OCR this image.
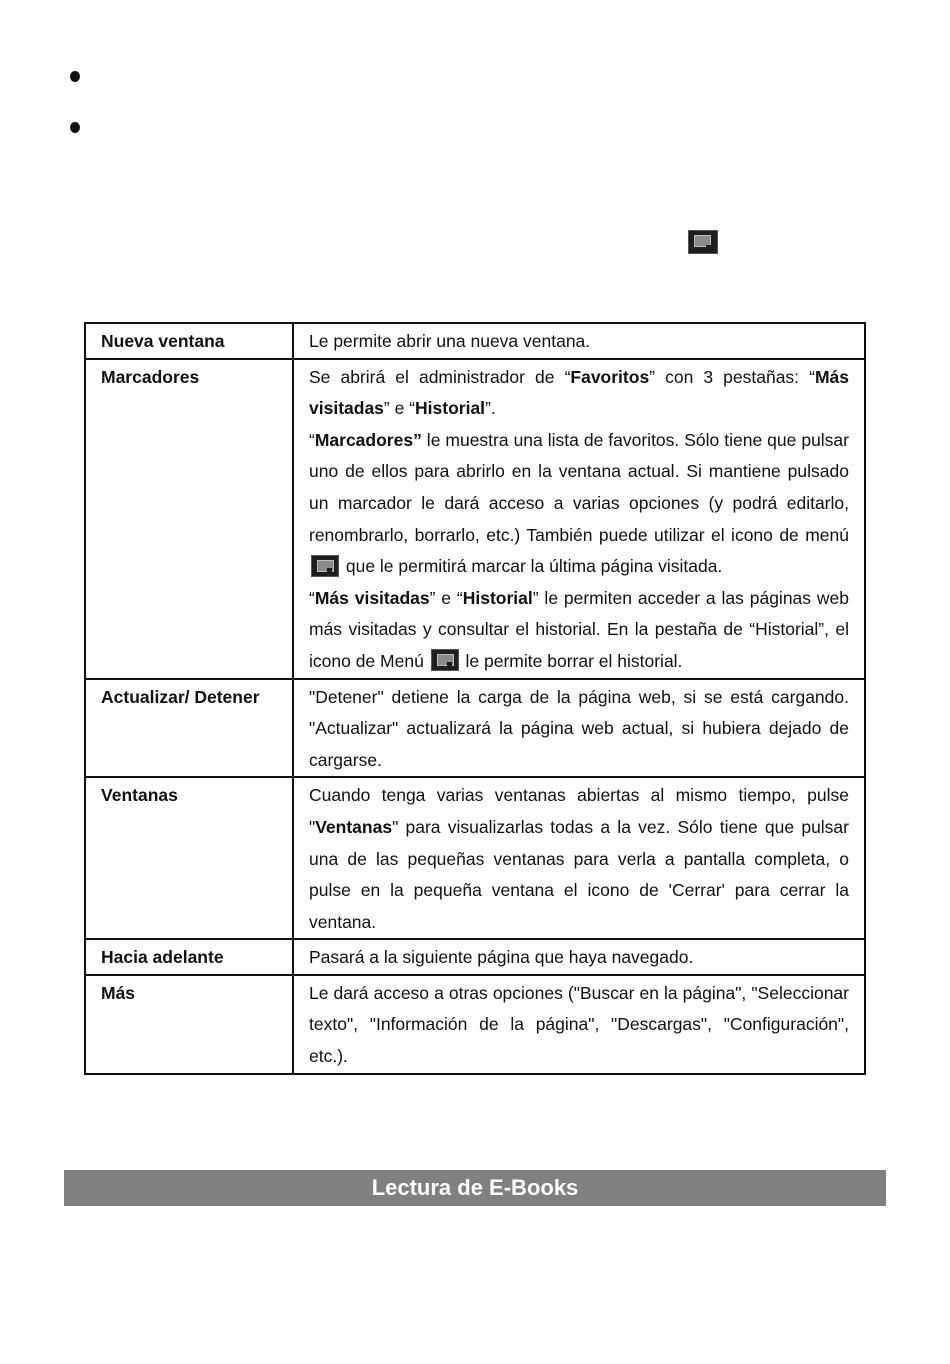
Nueva ventana	Le permite abrir una nueva ventana.

Marcadores	Se abrirá el administrador de “Favoritos” con 3 pestañas: “Más visitadas” e “Historial”.

“Marcadores” le muestra una lista de favoritos. Sólo tiene que pulsar uno de ellos para abrirlo en la ventana actual. Si mantiene pulsado un marcador le dará acceso a varias opciones (y podrá editarlo, renombrarlo, borrarlo, etc.) También puede utilizar el icono de menú  que le permitirá marcar la última página visitada.

“Más visitadas” e “Historial” le permiten acceder a las páginas web más visitadas y consultar el historial. En la pestaña de “Historial”, el icono de Menú  le permite borrar el historial.

Actualizar/ Detener	"Detener" detiene la carga de la página web, si se está cargando. "Actualizar" actualizará la página web actual, si hubiera dejado de cargarse.

Ventanas	Cuando tenga varias ventanas abiertas al mismo tiempo, pulse "Ventanas" para visualizarlas todas a la vez. Sólo tiene que pulsar una de las pequeñas ventanas para verla a pantalla completa, o pulse en la pequeña ventana el icono de 'Cerrar' para cerrar la ventana.

Hacia adelante	Pasará a la siguiente página que haya navegado.

Más	Le dará acceso a otras opciones ("Buscar en la página", "Seleccionar texto", "Información de la página", "Descargas", "Configuración", etc.).

Lectura de E-Books
